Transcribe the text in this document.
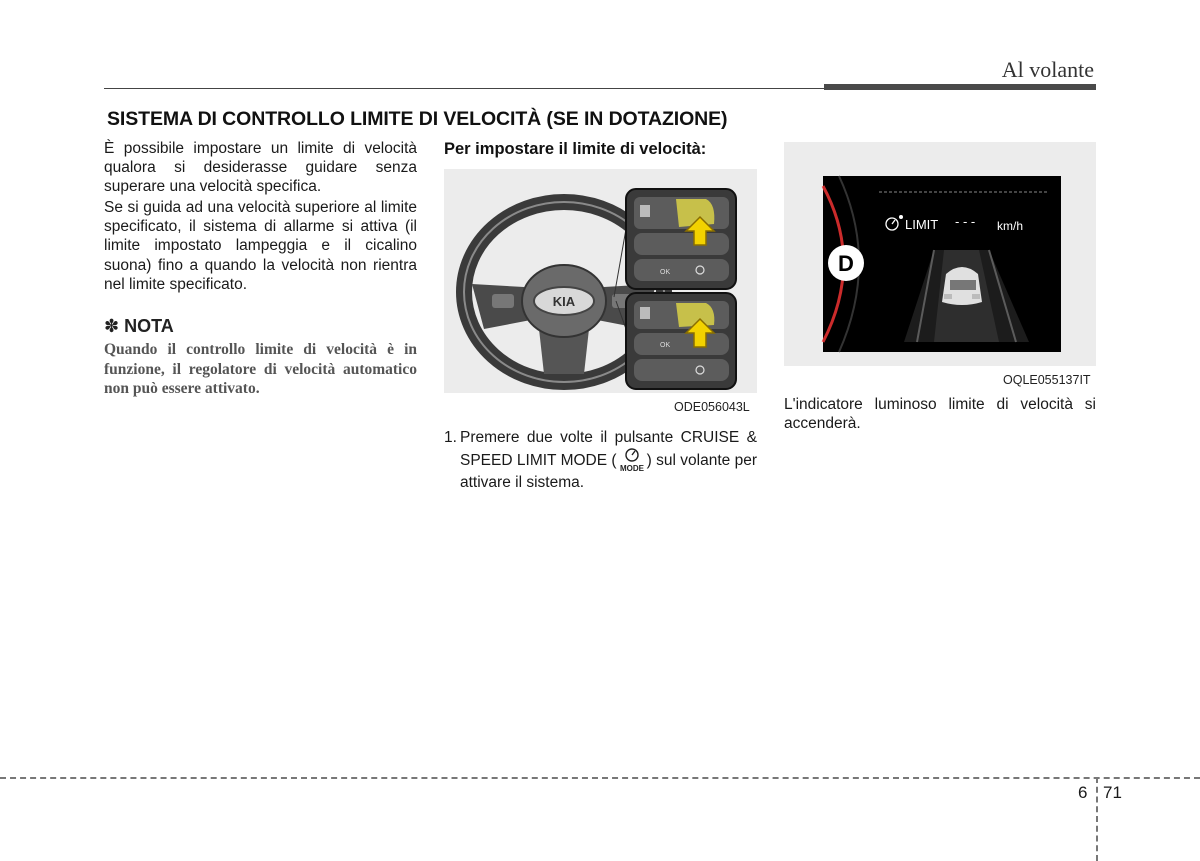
Al volante
SISTEMA DI CONTROLLO LIMITE DI VELOCITÀ (SE IN DOTAZIONE)
È possibile impostare un limite di velocità qualora si desiderasse guidare senza superare una velocità specifica.
Se si guida ad una velocità superiore al limite specificato, il sistema di allarme si attiva (il limite impostato lampeggia e il cicalino suona) fino a quando la velocità non rientra nel limite specificato.
✽ NOTA
Quando il controllo limite di velocità è in funzione, il regolatore di velocità automatico non può essere attivato.
Per impostare il limite di velocità:
KIA
OK
OK
ODE056043L
1. Premere due volte il pulsante CRUISE & SPEED LIMIT MODE ( MODE ) sul volante per attivare il sistema.
D
LIMIT - - - km/h
OQLE055137IT
L'indicatore luminoso limite di velocità si accenderà.
6 71
